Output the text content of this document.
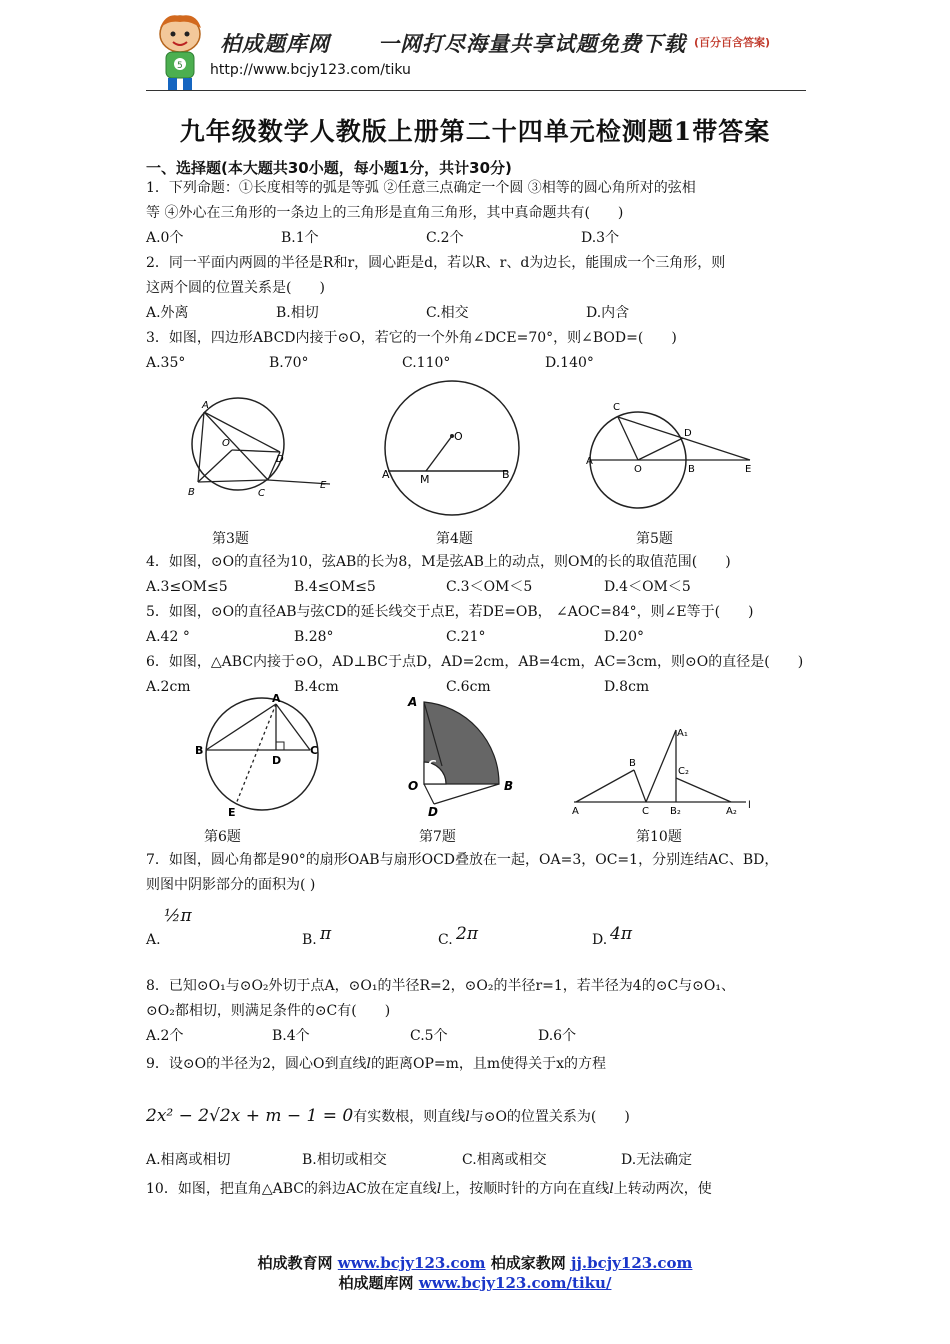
5
柏成题库网 一网打尽海量共享试题免费下载 (百分百含答案)
http://www.bcjy123.com/tiku
九年级数学人教版上册第二十四单元检测题1带答案
一、选择题(本大题共30小题，每小题1分，共计30分)
1．下列命题：①长度相等的弧是等弧 ②任意三点确定一个圆 ③相等的圆心角所对的弦相
等 ④外心在三角形的一条边上的三角形是直角三角形，其中真命题共有(　　)
A.0个	B.1个	C.2个	D.3个
2．同一平面内两圆的半径是R和r，圆心距是d，若以R、r、d为边长，能围成一个三角形，则
这两个圆的位置关系是(　　)
A.外离	B.相切	C.相交	D.内含
3．如图，四边形ABCD内接于⊙O，若它的一个外角∠DCE=70°，则∠BOD=(　　)
A.35°	B.70°	C.110°	D.140°
A
O
D
B	C
E
O
A	M	B
C
D
A
O	B	E
第3题	第4题	第5题
4．如图，⊙O的直径为10，弦AB的长为8，M是弦AB上的动点，则OM的长的取值范围(　　)
A.3≤OM≤5	B.4≤OM≤5	C.3＜OM＜5	D.4＜OM＜5
5．如图，⊙O的直径AB与弦CD的延长线交于点E，若DE=OB， ∠AOC=84°，则∠E等于(　　)
A.42 °	B.28°	C.21°	D.20°
6．如图，△ABC内接于⊙O，AD⊥BC于点D，AD=2cm，AB=4cm，AC=3cm，则⊙O的直径是(　　)
A.2cm	B.4cm	C.6cm	D.8cm
A
B
D
C
E
A
C
O
D
B
A₁
B
C₂
A	C B₂	A₂
l
第6题	第7题	第10题
7．如图，圆心角都是90°的扇形OAB与扇形OCD叠放在一起，OA=3，OC=1，分别连结AC、BD，
则图中阴影部分的面积为( )
A.
½π
B. π	C. 2π	D. 4π
8．已知⊙O₁与⊙O₂外切于点A，⊙O₁的半径R=2，⊙O₂的半径r=1，若半径为4的⊙C与⊙O₁、
⊙O₂都相切，则满足条件的⊙C有(　　)
A.2个	B.4个	C.5个	D.6个
9．设⊙O的半径为2，圆心O到直线l的距离OP=m，且m使得关于x的方程
2x² − 2√2x + m − 1 = 0有实数根，则直线l与⊙O的位置关系为(　　)
A.相离或相切	B.相切或相交	C.相离或相交	D.无法确定
10．如图，把直角△ABC的斜边AC放在定直线l上，按顺时针的方向在直线l上转动两次，使
柏成教育网 www.bcjy123.com 柏成家教网 jj.bcjy123.com
柏成题库网 www.bcjy123.com/tiku/
